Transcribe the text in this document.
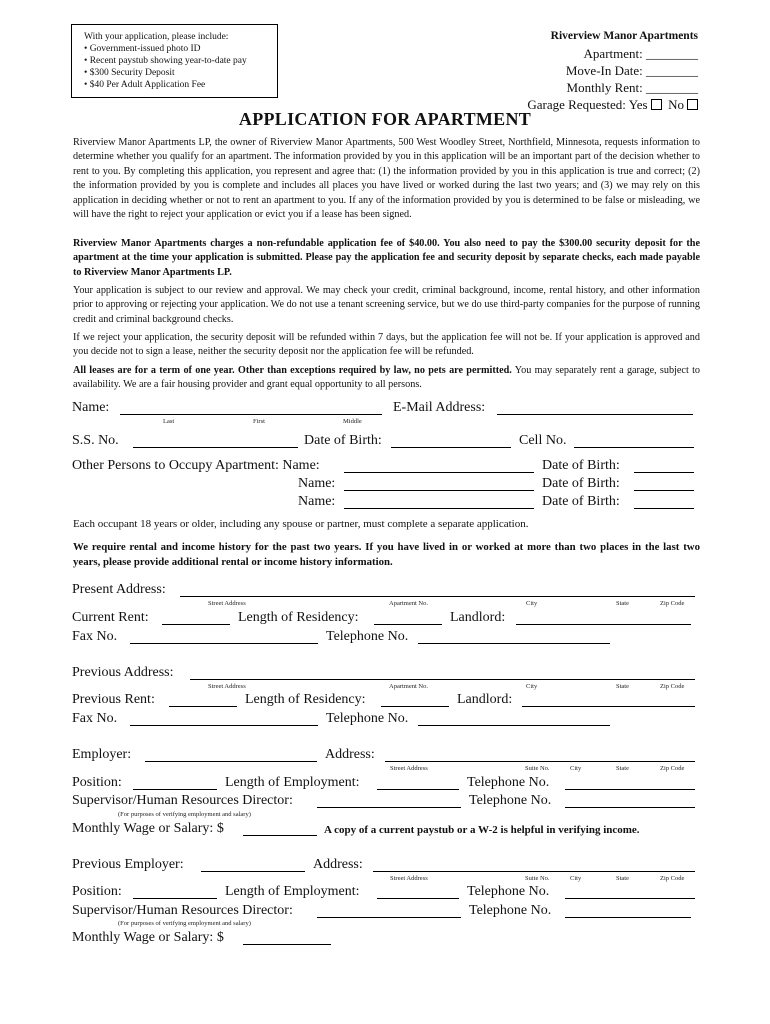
With your application, please include:
• Government-issued photo ID
• Recent paystub showing year-to-date pay
• $300 Security Deposit
• $40 Per Adult Application Fee
Riverview Manor Apartments
Apartment: ________
Move-In Date: ________
Monthly Rent: ________
Garage Requested: Yes No
APPLICATION FOR APARTMENT
Riverview Manor Apartments LP, the owner of Riverview Manor Apartments, 500 West Woodley Street, Northfield, Minnesota, requests information to determine whether you qualify for an apartment. The information provided by you in this application will be an important part of the decision whether to rent to you. By completing this application, you represent and agree that: (1) the information provided by you in this application is true and correct; (2) the information provided by you is complete and includes all places you have lived or worked during the last two years; and (3) we may rely on this application in deciding whether or not to rent an apartment to you. If any of the information provided by you is determined to be false or misleading, we will have the right to reject your application or evict you if a lease has been signed.
Riverview Manor Apartments charges a non-refundable application fee of $40.00. You also need to pay the $300.00 security deposit for the apartment at the time your application is submitted. Please pay the application fee and security deposit by separate checks, each made payable to Riverview Manor Apartments LP.
Your application is subject to our review and approval. We may check your credit, criminal background, income, rental history, and other information prior to approving or rejecting your application. We do not use a tenant screening service, but we do use third-party companies for the purpose of running credit and criminal background checks.
If we reject your application, the security deposit will be refunded within 7 days, but the application fee will not be. If your application is approved and you decide not to sign a lease, neither the security deposit nor the application fee will be refunded.
All leases are for a term of one year. Other than exceptions required by law, no pets are permitted. You may separately rent a garage, subject to availability. We are a fair housing provider and grant equal opportunity to all persons.
Name:	E-Mail Address:
Last	First	Middle
S.S. No.	Date of Birth:	Cell No.
Other Persons to Occupy Apartment: Name:	Date of Birth:
Name:	Date of Birth:
Name:	Date of Birth:
Each occupant 18 years or older, including any spouse or partner, must complete a separate application.
We require rental and income history for the past two years. If you have lived in or worked at more than two places in the last two years, please provide additional rental or income history information.
Present Address:
Street Address	Apartment No.	City	State	Zip Code
Current Rent:	Length of Residency:	Landlord:
Fax No.	Telephone No.
Previous Address:
Street Address	Apartment No.	City	State	Zip Code
Previous Rent:	Length of Residency:	Landlord:
Fax No.	Telephone No.
Employer:	Address:
Street Address	Suite No.	City	State	Zip Code
Position:	Length of Employment:	Telephone No.
Supervisor/Human Resources Director:	Telephone No.
(For purposes of verifying employment and salary)
Monthly Wage or Salary: $	A copy of a current paystub or a W-2 is helpful in verifying income.
Previous Employer:	Address:
Street Address	Suite No.	City	State	Zip Code
Position:	Length of Employment:	Telephone No.
Supervisor/Human Resources Director:	Telephone No.
(For purposes of verifying employment and salary)
Monthly Wage or Salary: $
